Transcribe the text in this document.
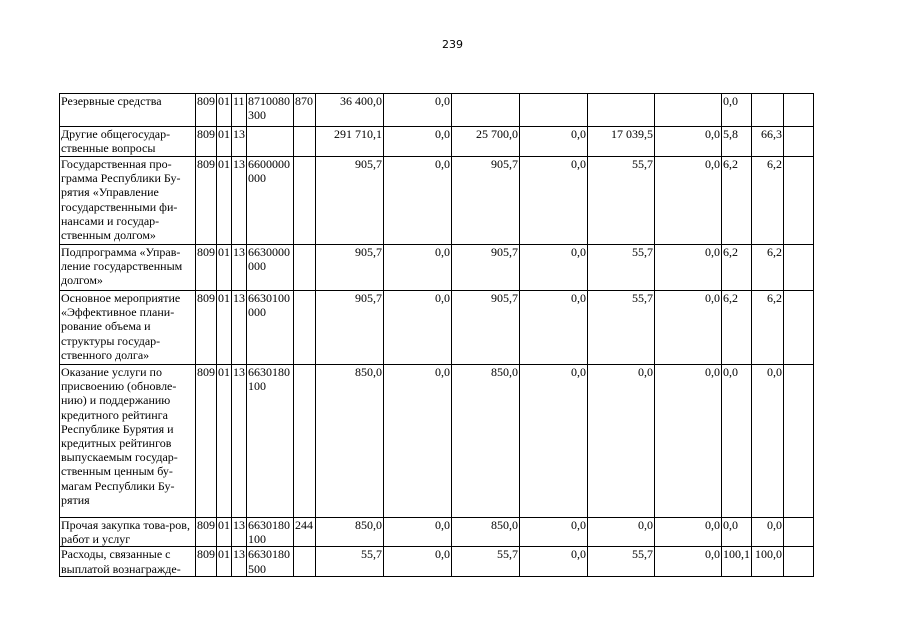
239
Резервные средства	809	01	11	8710080300	870	36 400,0	0,0					0,0		
Другие общегосудар-ственные вопросы	809	01	13			291 710,1	0,0	25 700,0	0,0	17 039,5	0,0	5,8	66,3	
Государственная про-грамма Республики Бу-рятия «Управление государственными фи-нансами и государ-ственным долгом»	809	01	13	6600000000		905,7	0,0	905,7	0,0	55,7	0,0	6,2	6,2	
Подпрограмма «Управ-ление государственным долгом»	809	01	13	6630000000		905,7	0,0	905,7	0,0	55,7	0,0	6,2	6,2	
Основное мероприятие «Эффективное плани-рование объема и структуры государ-ственного долга»	809	01	13	6630100000		905,7	0,0	905,7	0,0	55,7	0,0	6,2	6,2	
Оказание услуги по присвоению (обновле-нию) и поддержанию кредитного рейтинга Республике Бурятия и кредитных рейтингов выпускаемым государ-ственным ценным бу-магам Республики Бу-рятия	809	01	13	6630180100		850,0	0,0	850,0	0,0	0,0	0,0	0,0	0,0	
Прочая закупка това-ров, работ и услуг	809	01	13	6630180100	244	850,0	0,0	850,0	0,0	0,0	0,0	0,0	0,0	
Расходы, связанные с выплатой вознагражде-	809	01	13	6630180500		55,7	0,0	55,7	0,0	55,7	0,0	100,1	100,0	
